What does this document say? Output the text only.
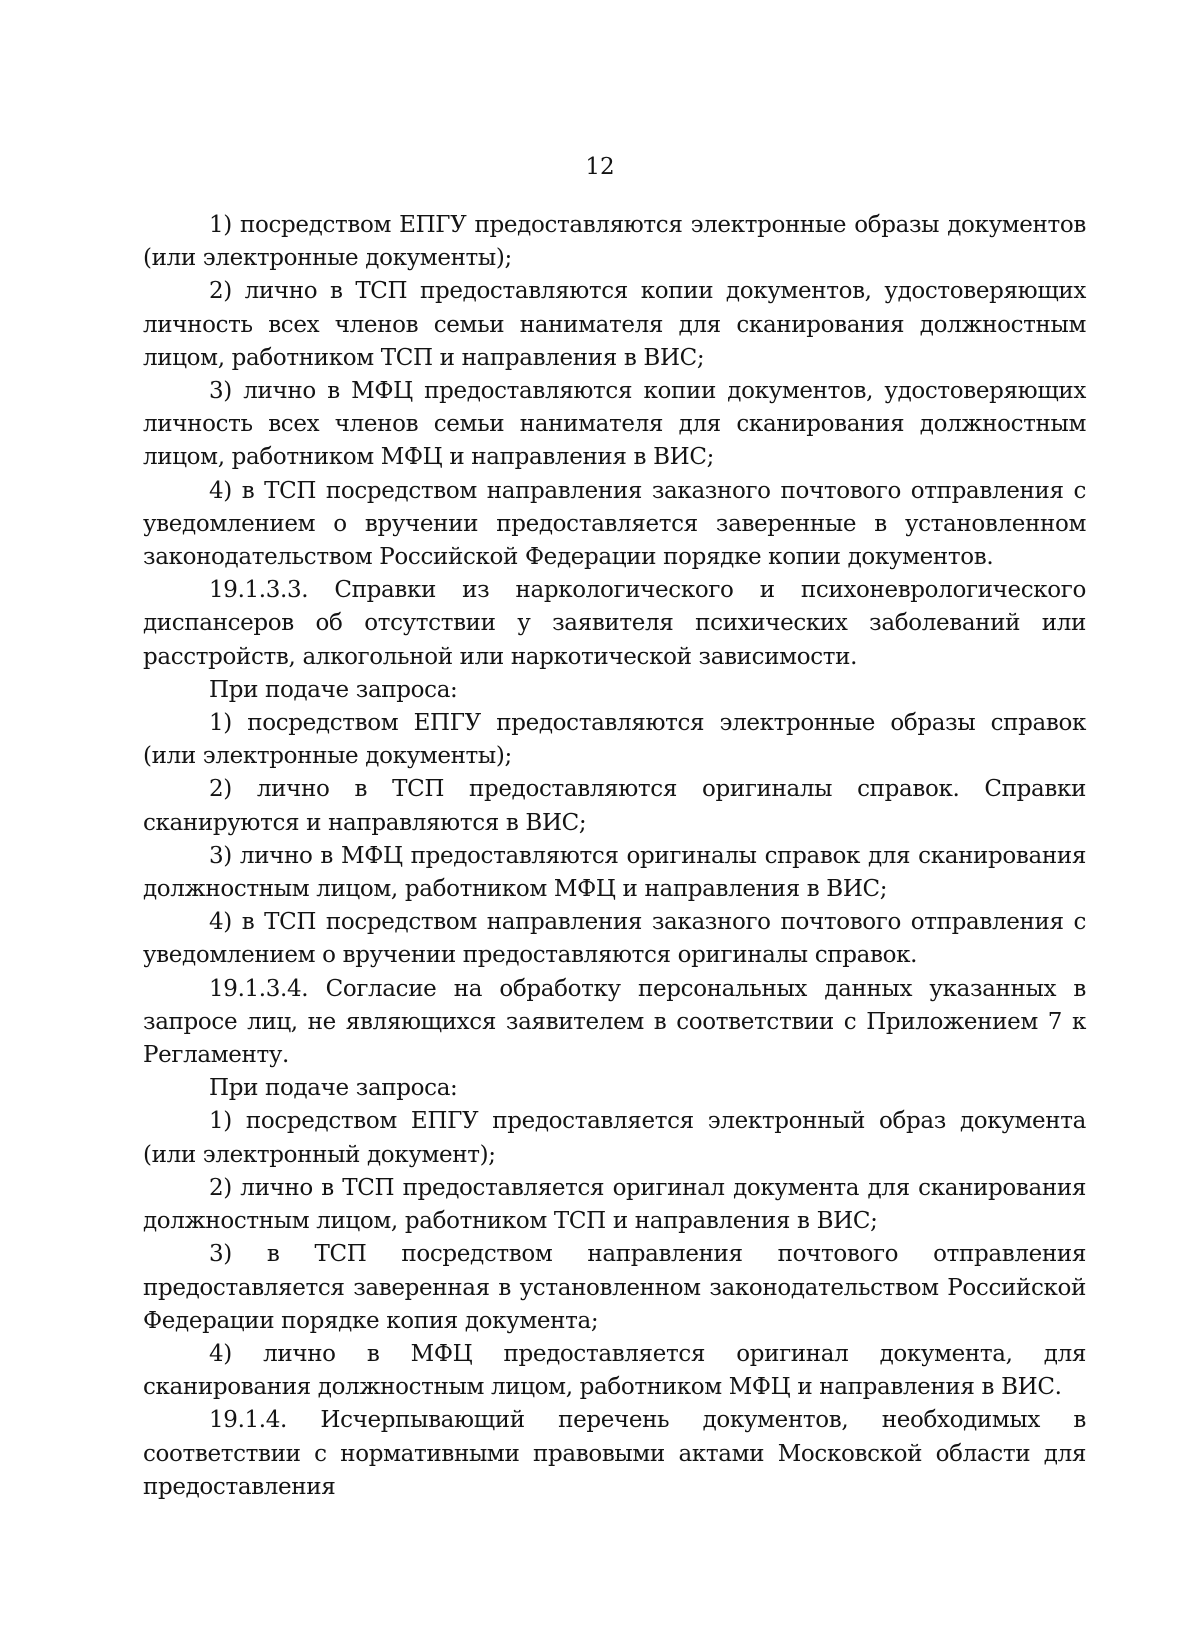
12

1) посредством ЕПГУ предоставляются электронные образы документов (или электронные документы);

2) лично в ТСП предоставляются копии документов, удостоверяющих личность всех членов семьи нанимателя для сканирования должностным лицом, работником ТСП и направления в ВИС;

3) лично в МФЦ предоставляются копии документов, удостоверяющих личность всех членов семьи нанимателя для сканирования должностным лицом, работником МФЦ и направления в ВИС;

4) в ТСП посредством направления заказного почтового отправления с уведомлением о вручении предоставляется заверенные в установленном законодательством Российской Федерации порядке копии документов.

19.1.3.3. Справки из наркологического и психоневрологического диспансеров об отсутствии у заявителя психических заболеваний или расстройств, алкогольной или наркотической зависимости.

При подаче запроса:

1) посредством ЕПГУ предоставляются электронные образы справок (или электронные документы);

2) лично в ТСП предоставляются оригиналы справок. Справки сканируются и направляются в ВИС;

3) лично в МФЦ предоставляются оригиналы справок для сканирования должностным лицом, работником МФЦ и направления в ВИС;

4) в ТСП посредством направления заказного почтового отправления с уведомлением о вручении предоставляются оригиналы справок.

19.1.3.4. Согласие на обработку персональных данных указанных в запросе лиц, не являющихся заявителем в соответствии с Приложением 7 к Регламенту.

При подаче запроса:

1) посредством ЕПГУ предоставляется электронный образ документа (или электронный документ);

2) лично в ТСП предоставляется оригинал документа для сканирования должностным лицом, работником ТСП и направления в ВИС;

3) в ТСП посредством направления почтового отправления предоставляется заверенная в установленном законодательством Российской Федерации порядке копия документа;

4) лично в МФЦ предоставляется оригинал документа, для сканирования должностным лицом, работником МФЦ и направления в ВИС.

19.1.4. Исчерпывающий перечень документов, необходимых в соответствии с нормативными правовыми актами Московской области для предоставления
